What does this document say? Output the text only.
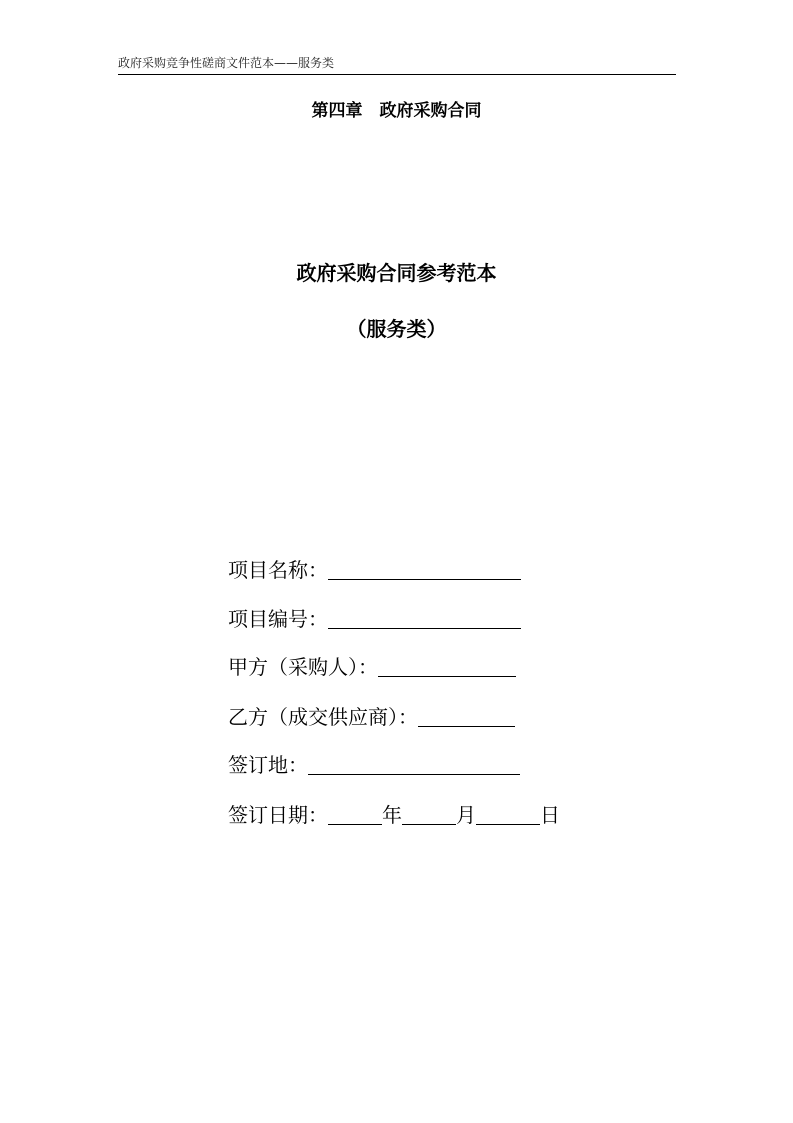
政府采购竞争性磋商文件范本——服务类
第四章　政府采购合同
政府采购合同参考范本
（服务类）
项目名称：
项目编号：
甲方（采购人）：
乙方（成交供应商）：
签订地：
签订日期：	年	月	日
